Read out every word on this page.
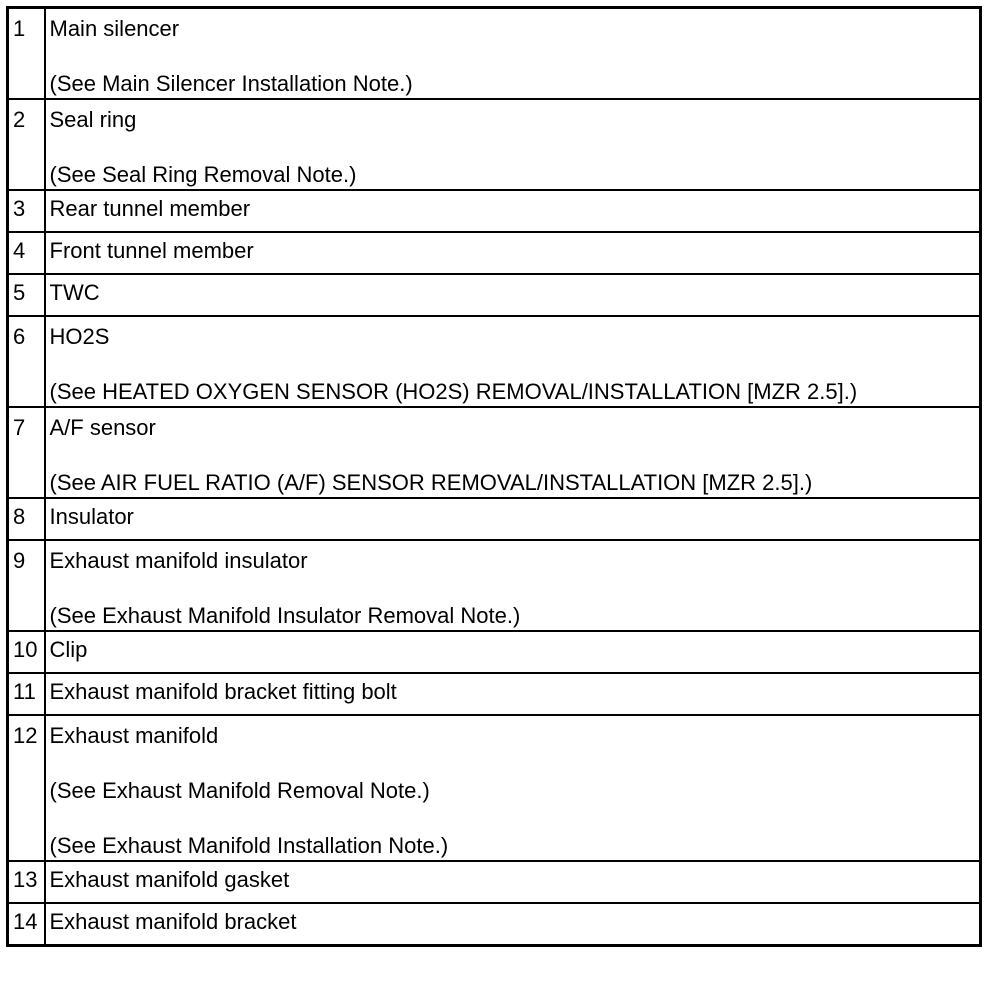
1	Main silencer
(See Main Silencer Installation Note.)

2	Seal ring
(See Seal Ring Removal Note.)

3	Rear tunnel member

4	Front tunnel member

5	TWC

6	HO2S
(See HEATED OXYGEN SENSOR (HO2S) REMOVAL/INSTALLATION [MZR 2.5].)

7	A/F sensor
(See AIR FUEL RATIO (A/F) SENSOR REMOVAL/INSTALLATION [MZR 2.5].)

8	Insulator

9	Exhaust manifold insulator
(See Exhaust Manifold Insulator Removal Note.)

10	Clip

11	Exhaust manifold bracket fitting bolt

12	Exhaust manifold
(See Exhaust Manifold Removal Note.)
(See Exhaust Manifold Installation Note.)

13	Exhaust manifold gasket

14	Exhaust manifold bracket
